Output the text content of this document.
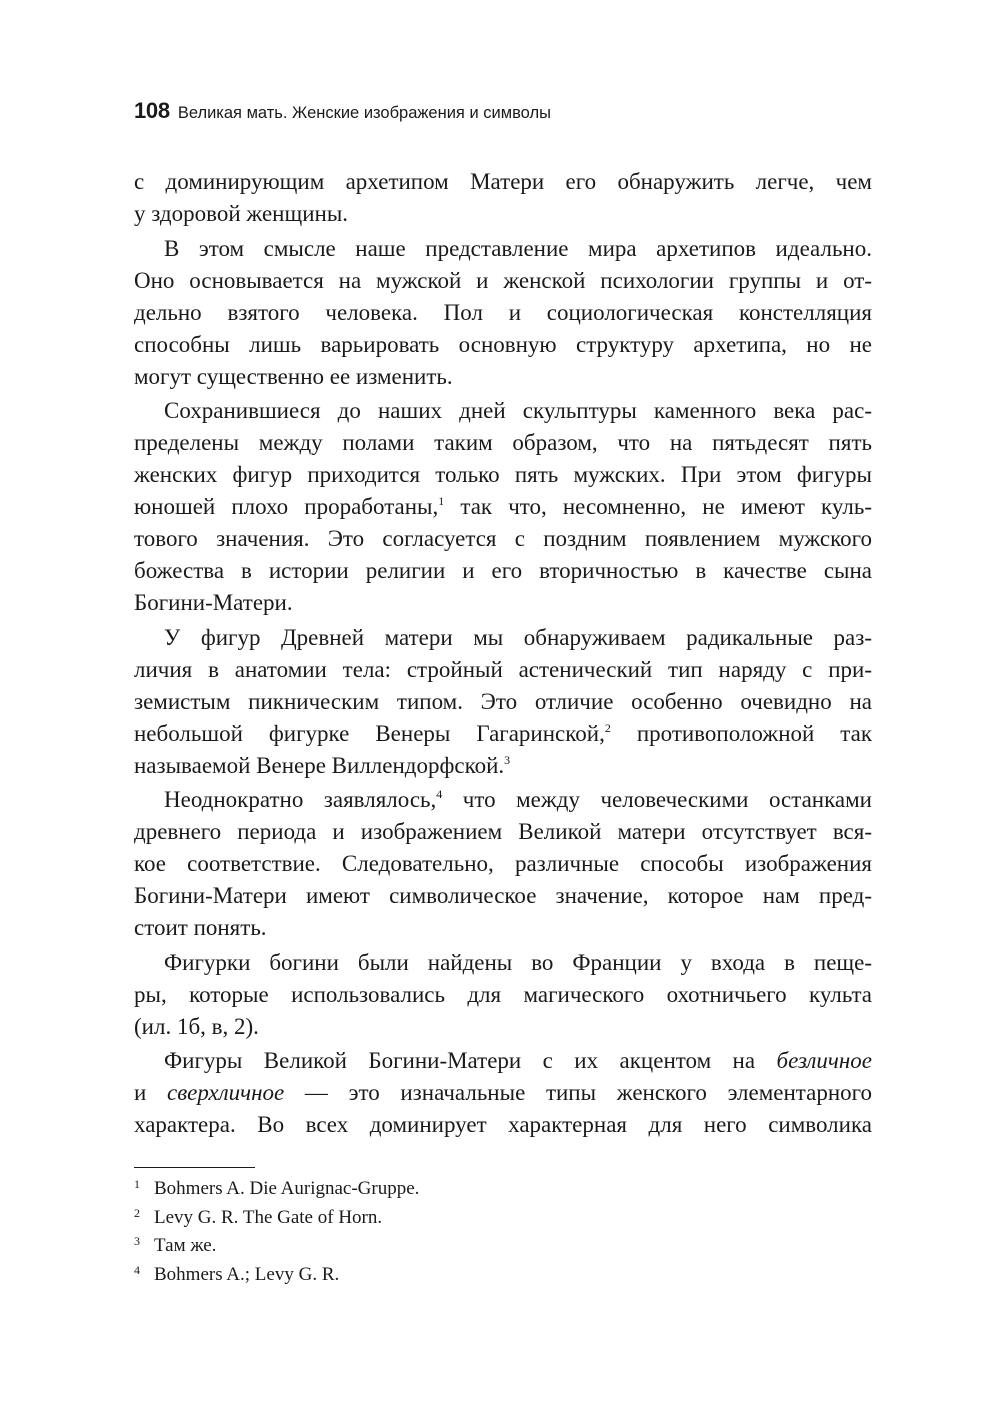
108 Великая мать. Женские изображения и символы
с доминирующим архетипом Матери его обнаружить легче, чем
у здоровой женщины.
В этом смысле наше представление мира архетипов идеально.
Оно основывается на мужской и женской психологии группы и от-
дельно взятого человека. Пол и социологическая констелляция
способны лишь варьировать основную структуру архетипа, но не
могут существенно ее изменить.
Сохранившиеся до наших дней скульптуры каменного века рас-
пределены между полами таким образом, что на пятьдесят пять
женских фигур приходится только пять мужских. При этом фигуры
юношей плохо проработаны,$^1$ так что, несомненно, не имеют куль-
тового значения. Это согласуется с поздним появлением мужского
божества в истории религии и его вторичностью в качестве сына
Богини-Матери.
У фигур Древней матери мы обнаруживаем радикальные раз-
личия в анатомии тела: стройный астенический тип наряду с при-
земистым пикническим типом. Это отличие особенно очевидно на
небольшой фигурке Венеры Гагаринской,$^2$ противоположной так
называемой Венере Виллендорфской.$^3$
Неоднократно заявлялось,$^4$ что между человеческими останками
древнего периода и изображением Великой матери отсутствует вся-
кое соответствие. Следовательно, различные способы изображения
Богини-Матери имеют символическое значение, которое нам пред-
стоит понять.
Фигурки богини были найдены во Франции у входа в пеще-
ры, которые использовались для магического охотничьего культа
(ил. 1б, в, 2).
Фигуры Великой Богини-Матери с их акцентом на безличное
и сверхличное — это изначальные типы женского элементарного
характера. Во всех доминирует характерная для него символика
1 Bohmers A. Die Aurignac-Gruppe.
2 Levy G. R. The Gate of Horn.
3 Там же.
4 Bohmers A.; Levy G. R.
